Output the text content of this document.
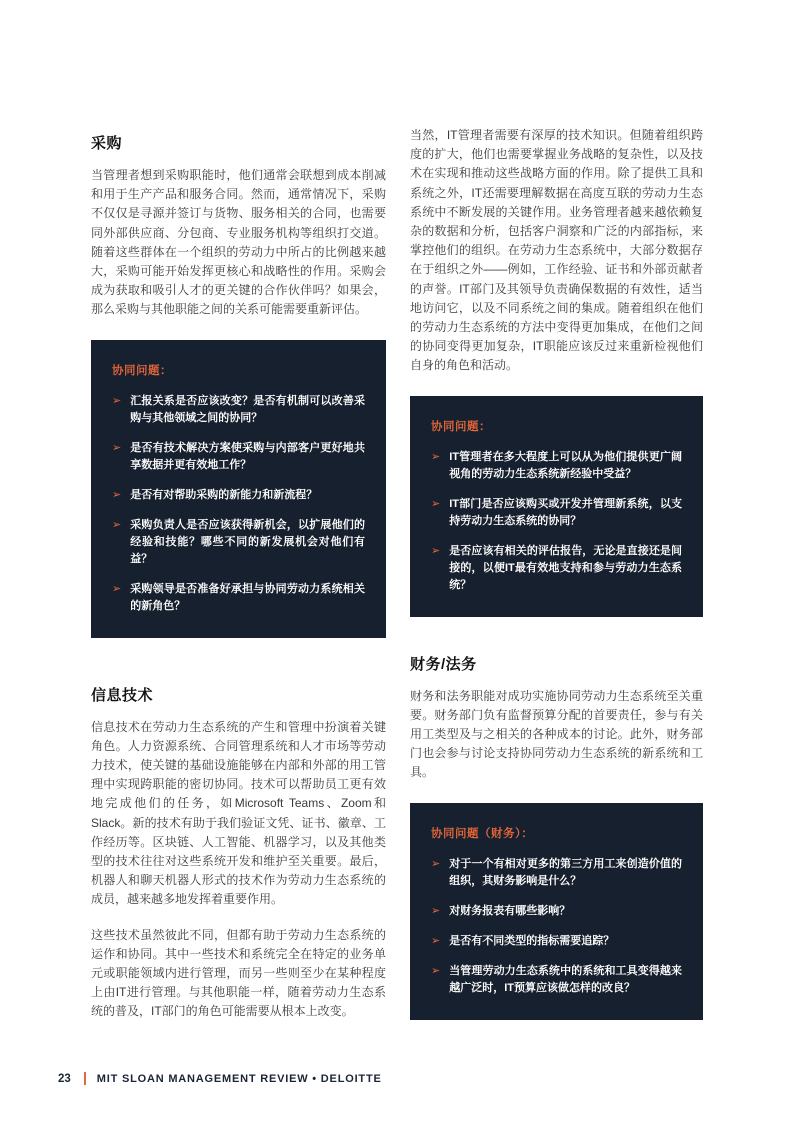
采购

当管理者想到采购职能时，他们通常会联想到成本削减和用于生产产品和服务合同。然而，通常情况下，采购不仅仅是寻源并签订与货物、服务相关的合同，也需要同外部供应商、分包商、专业服务机构等组织打交道。随着这些群体在一个组织的劳动力中所占的比例越来越大，采购可能开始发挥更核心和战略性的作用。采购会成为获取和吸引人才的更关键的合作伙伴吗？如果会，那么采购与其他职能之间的关系可能需要重新评估。

协同问题：
➢ 汇报关系是否应该改变？是否有机制可以改善采购与其他领域之间的协同？
➢ 是否有技术解决方案使采购与内部客户更好地共享数据并更有效地工作？
➢ 是否有对帮助采购的新能力和新流程？
➢ 采购负责人是否应该获得新机会，以扩展他们的经验和技能？哪些不同的新发展机会对他们有益？
➢ 采购领导是否准备好承担与协同劳动力系统相关的新角色？
信息技术

信息技术在劳动力生态系统的产生和管理中扮演着关键角色。人力资源系统、合同管理系统和人才市场等劳动力技术，使关键的基础设施能够在内部和外部的用工管理中实现跨职能的密切协同。技术可以帮助员工更有效地完成他们的任务，如Microsoft Teams、Zoom和Slack。新的技术有助于我们验证文凭、证书、徽章、工作经历等。区块链、人工智能、机器学习，以及其他类型的技术往往对这些系统开发和维护至关重要。最后，机器人和聊天机器人形式的技术作为劳动力生态系统的成员，越来越多地发挥着重要作用。

这些技术虽然彼此不同，但都有助于劳动力生态系统的运作和协同。其中一些技术和系统完全在特定的业务单元或职能领域内进行管理，而另一些则至少在某种程度上由IT进行管理。与其他职能一样，随着劳动力生态系统的普及，IT部门的角色可能需要从根本上改变。

当然，IT管理者需要有深厚的技术知识。但随着组织跨度的扩大，他们也需要掌握业务战略的复杂性，以及技术在实现和推动这些战略方面的作用。除了提供工具和系统之外，IT还需要理解数据在高度互联的劳动力生态系统中不断发展的关键作用。业务管理者越来越依赖复杂的数据和分析，包括客户洞察和广泛的内部指标，来掌控他们的组织。在劳动力生态系统中，大部分数据存在于组织之外——例如，工作经验、证书和外部贡献者的声誉。IT部门及其领导负责确保数据的有效性，适当地访问它，以及不同系统之间的集成。随着组织在他们的劳动力生态系统的方法中变得更加集成，在他们之间的协同变得更加复杂，IT职能应该反过来重新检视他们自身的角色和活动。

协同问题：
➢ IT管理者在多大程度上可以从为他们提供更广阔视角的劳动力生态系统新经验中受益？
➢ IT部门是否应该购买或开发并管理新系统，以支持劳动力生态系统的协同？
➢ 是否应该有相关的评估报告，无论是直接还是间接的，以便IT最有效地支持和参与劳动力生态系统？
财务/法务

财务和法务职能对成功实施协同劳动力生态系统至关重要。财务部门负有监督预算分配的首要责任，参与有关用工类型及与之相关的各种成本的讨论。此外，财务部门也会参与讨论支持协同劳动力生态系统的新系统和工具。

协同问题（财务）：
➢ 对于一个有相对更多的第三方用工来创造价值的组织，其财务影响是什么？
➢ 对财务报表有哪些影响？
➢ 是否有不同类型的指标需要追踪？
➢ 当管理劳动力生态系统中的系统和工具变得越来越广泛时，IT预算应该做怎样的改良？
23 MIT SLOAN MANAGEMENT REVIEW • DELOITTE
